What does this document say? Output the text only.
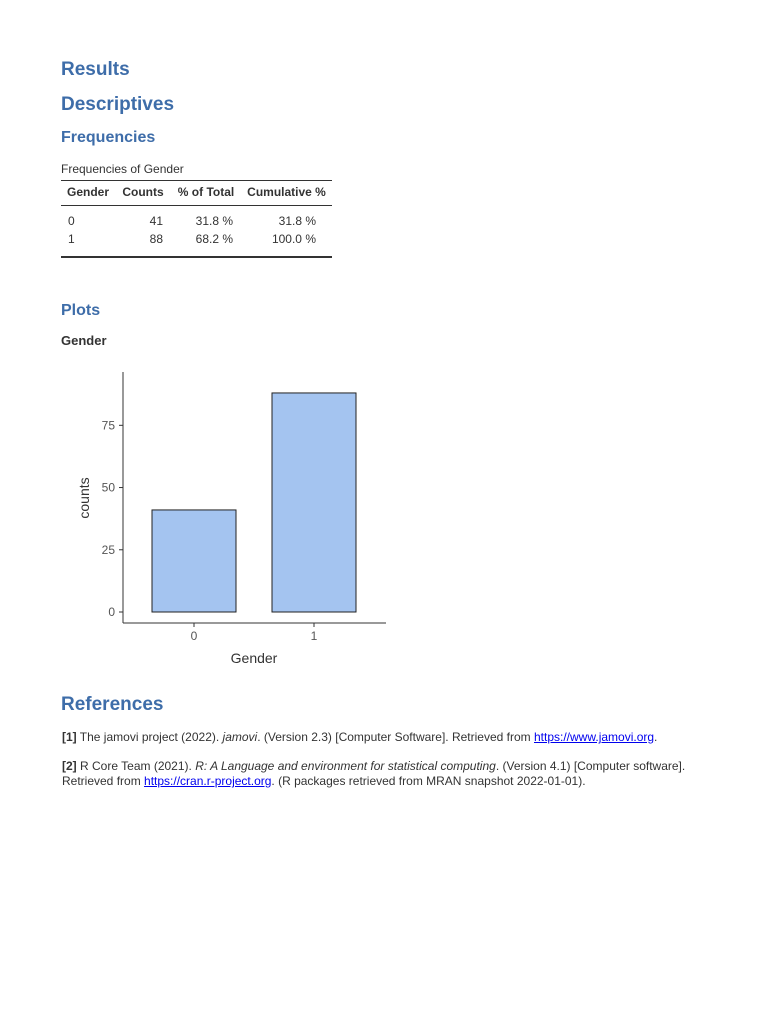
Results
Descriptives
Frequencies
Frequencies of Gender
Gender	Counts	% of Total	Cumulative %

0	41	31.8 %	31.8 %
1	88	68.2 %	100.0 %

Plots
Gender
0
25
50
75
0	1
Gender
counts
References
[1] The jamovi project (2022). jamovi. (Version 2.3) [Computer Software]. Retrieved from https://www.jamovi.org.
[2] R Core Team (2021). R: A Language and environment for statistical computing. (Version 4.1) [Computer software]. Retrieved from https://cran.r-project.org. (R packages retrieved from MRAN snapshot 2022-01-01).
